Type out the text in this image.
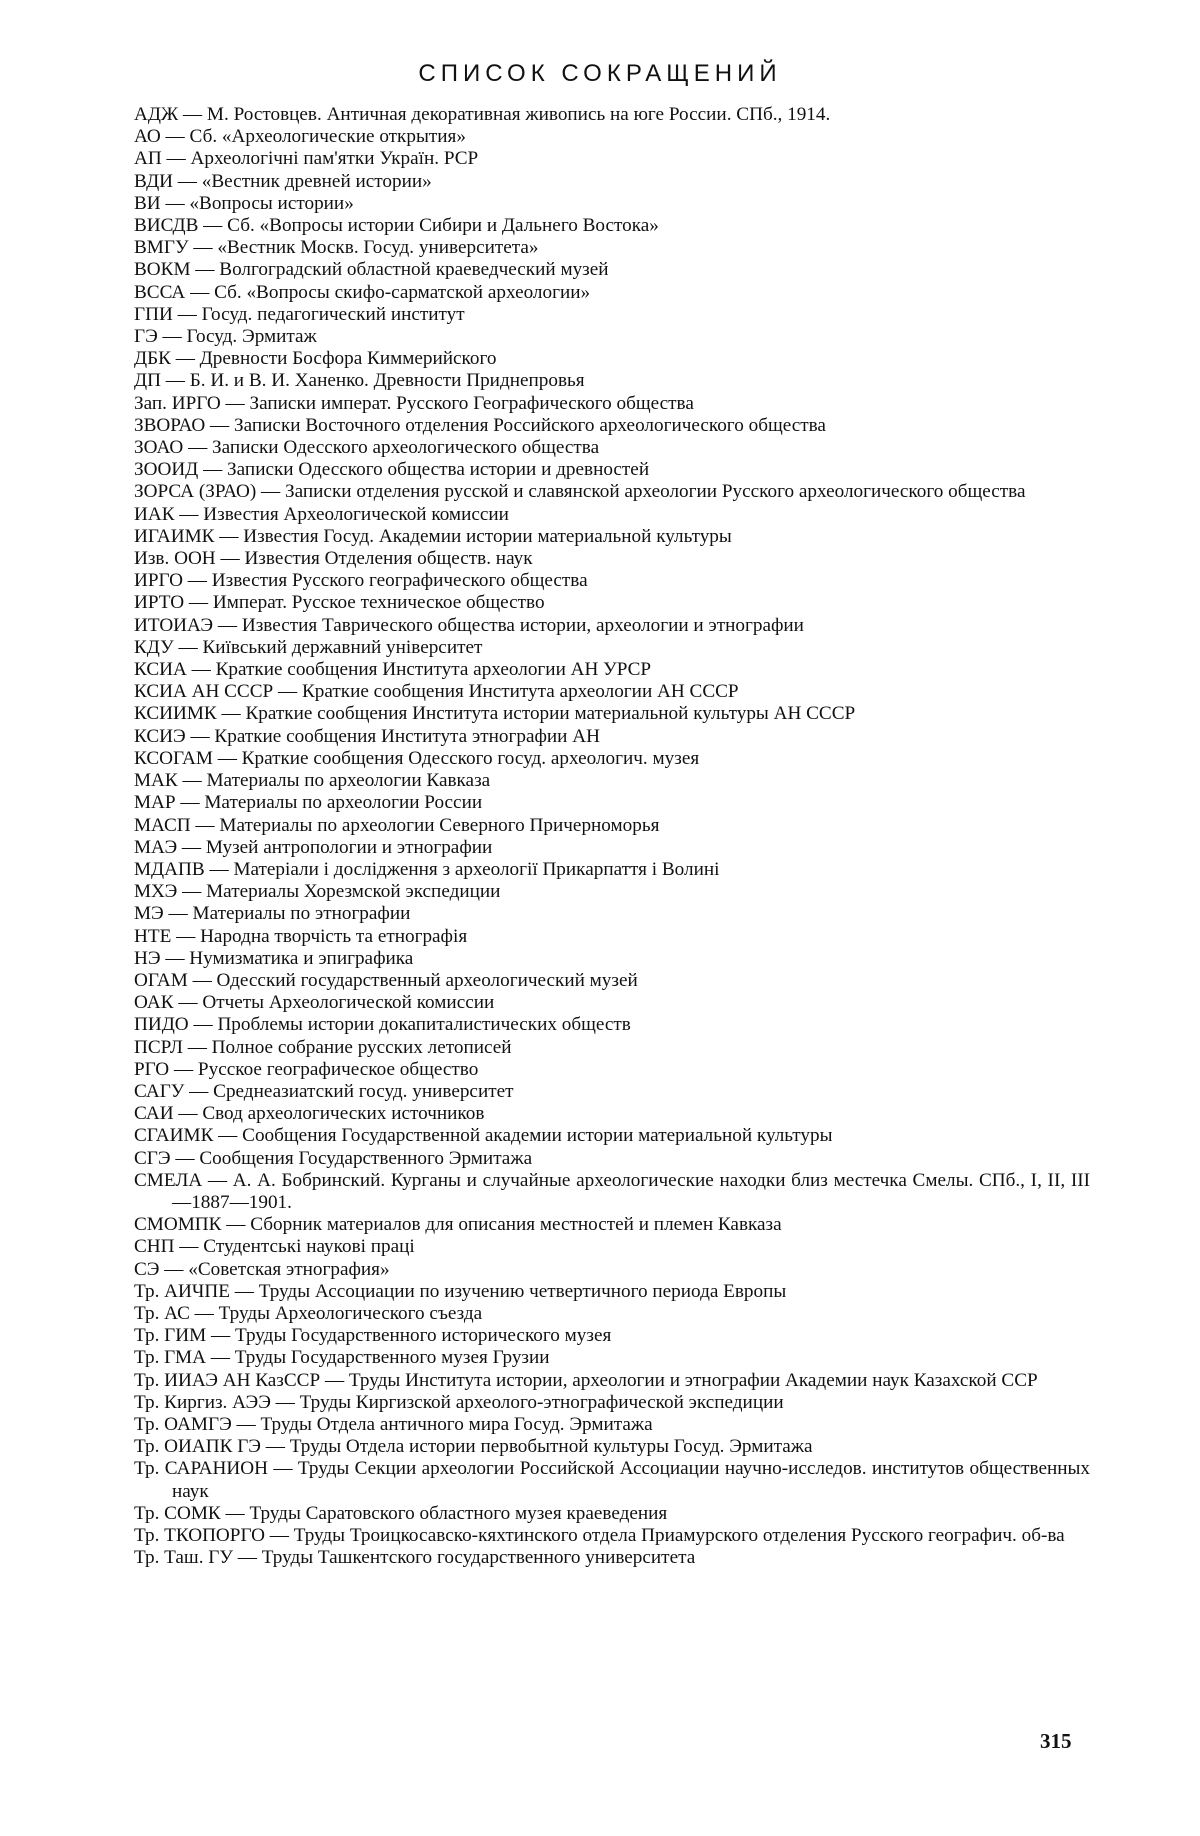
СПИСОК СОКРАЩЕНИЙ
АДЖ — М. Ростовцев. Античная декоративная живопись на юге России. СПб., 1914.
АО — Сб. «Археологические открытия»
АП — Археологічні пам'ятки Україн. РСР
ВДИ — «Вестник древней истории»
ВИ — «Вопросы истории»
ВИСДВ — Сб. «Вопросы истории Сибири и Дальнего Востока»
ВМГУ — «Вестник Москв. Госуд. университета»
ВОКМ — Волгоградский областной краеведческий музей
ВССА — Сб. «Вопросы скифо-сарматской археологии»
ГПИ — Госуд. педагогический институт
ГЭ — Госуд. Эрмитаж
ДБК — Древности Босфора Киммерийского
ДП — Б. И. и В. И. Ханенко. Древности Приднепровья
Зап. ИРГО — Записки императ. Русского Географического общества
ЗВОРАО — Записки Восточного отделения Российского археологического общества
ЗОАО — Записки Одесского археологического общества
ЗООИД — Записки Одесского общества истории и древностей
ЗОРСА (ЗРАО) — Записки отделения русской и славянской археологии Русского археологического общества
ИАК — Известия Археологической комиссии
ИГАИМК — Известия Госуд. Академии истории материальной культуры
Изв. ООН — Известия Отделения обществ. наук
ИРГО — Известия Русского географического общества
ИРТО — Императ. Русское техническое общество
ИТОИАЭ — Известия Таврического общества истории, археологии и этнографии
КДУ — Київський державний університет
КСИА — Краткие сообщения Института археологии АН УРСР
КСИА АН СССР — Краткие сообщения Института археологии АН СССР
КСИИМК — Краткие сообщения Института истории материальной культуры АН СССР
КСИЭ — Краткие сообщения Института этнографии АН
КСОГАМ — Краткие сообщения Одесского госуд. археологич. музея
МАК — Материалы по археологии Кавказа
МАР — Материалы по археологии России
МАСП — Материалы по археологии Северного Причерноморья
МАЭ — Музей антропологии и этнографии
МДАПВ — Матеріали і дослідження з археології Прикарпаття і Волині
МХЭ — Материалы Хорезмской экспедиции
МЭ — Материалы по этнографии
НТЕ — Народна творчість та етнографія
НЭ — Нумизматика и эпиграфика
ОГАМ — Одесский государственный археологический музей
ОАК — Отчеты Археологической комиссии
ПИДО — Проблемы истории докапиталистических обществ
ПСРЛ — Полное собрание русских летописей
РГО — Русское географическое общество
САГУ — Среднеазиатский госуд. университет
САИ — Свод археологических источников
СГАИМК — Сообщения Государственной академии истории материальной культуры
СГЭ — Сообщения Государственного Эрмитажа
СМЕЛА — А. А. Бобринский. Курганы и случайные археологические находки близ местечка Смелы. СПб., I, II, III—1887—1901.
СМОМПК — Сборник материалов для описания местностей и племен Кавказа
СНП — Студентські наукові праці
СЭ — «Советская этнография»
Тр. АИЧПЕ — Труды Ассоциации по изучению четвертичного периода Европы
Тр. АС — Труды Археологического съезда
Тр. ГИМ — Труды Государственного исторического музея
Тр. ГМА — Труды Государственного музея Грузии
Тр. ИИАЭ АН КазССР — Труды Института истории, археологии и этнографии Академии наук Казахской ССР
Тр. Киргиз. АЭЭ — Труды Киргизской археолого-этнографической экспедиции
Тр. ОАМГЭ — Труды Отдела античного мира Госуд. Эрмитажа
Тр. ОИАПК ГЭ — Труды Отдела истории первобытной культуры Госуд. Эрмитажа
Тр. САРАНИОН — Труды Секции археологии Российской Ассоциации научно-исследов. институтов общественных наук
Тр. СОМК — Труды Саратовского областного музея краеведения
Тр. ТКОПОРГО — Труды Троицкосавско-кяхтинского отдела Приамурского отделения Русского географич. об-ва
Тр. Таш. ГУ — Труды Ташкентского государственного университета
315
